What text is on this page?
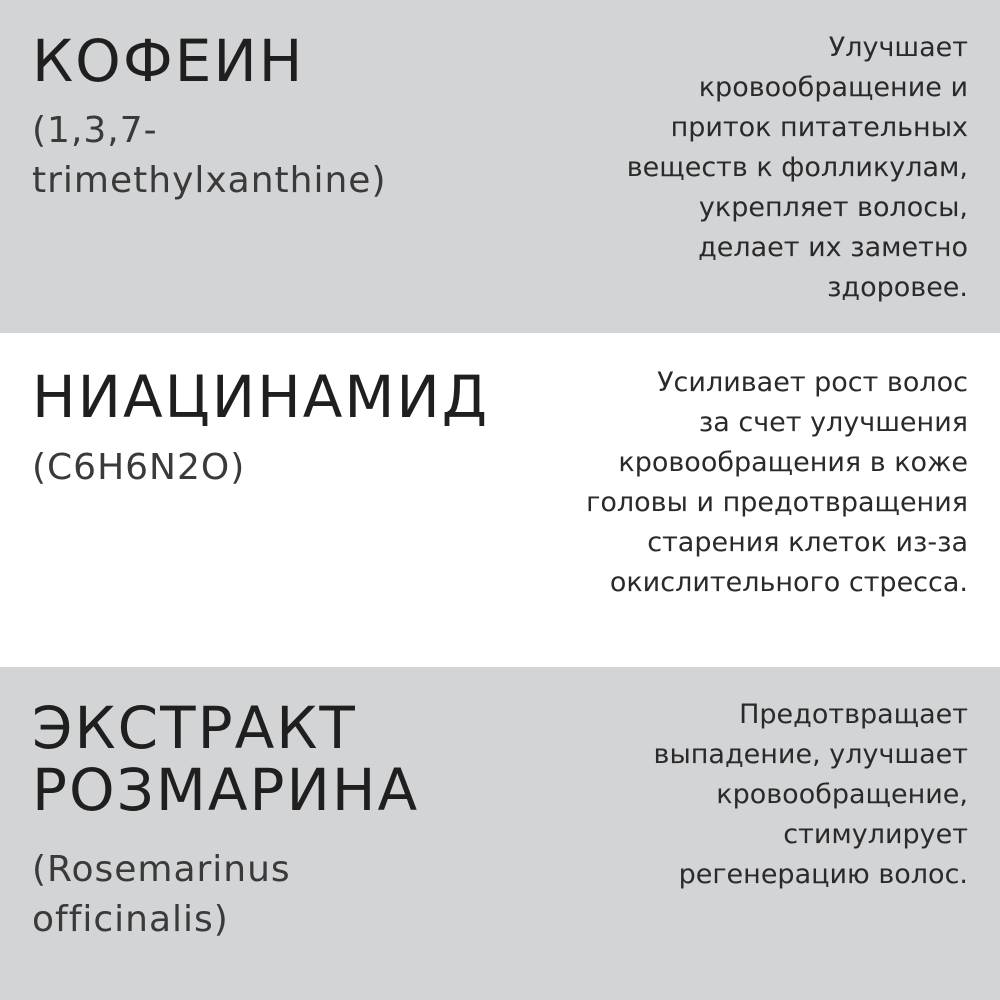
КОФЕИН

(1,3,7-
trimethylxanthine)

Улучшает
кровообращение и
приток питательных
веществ к фолликулам,
укрепляет волосы,
делает их заметно
здоровее.

НИАЦИНАМИД

(C6H6N2O)

Усиливает рост волос
за счет улучшения
кровообращения в коже
головы и предотвращения
старения клеток из-за
окислительного стресса.

ЭКСТРАКТ
РОЗМАРИНА

(Rosemarinus
officinalis)

Предотвращает
выпадение, улучшает
кровообращение,
стимулирует
регенерацию волос.
